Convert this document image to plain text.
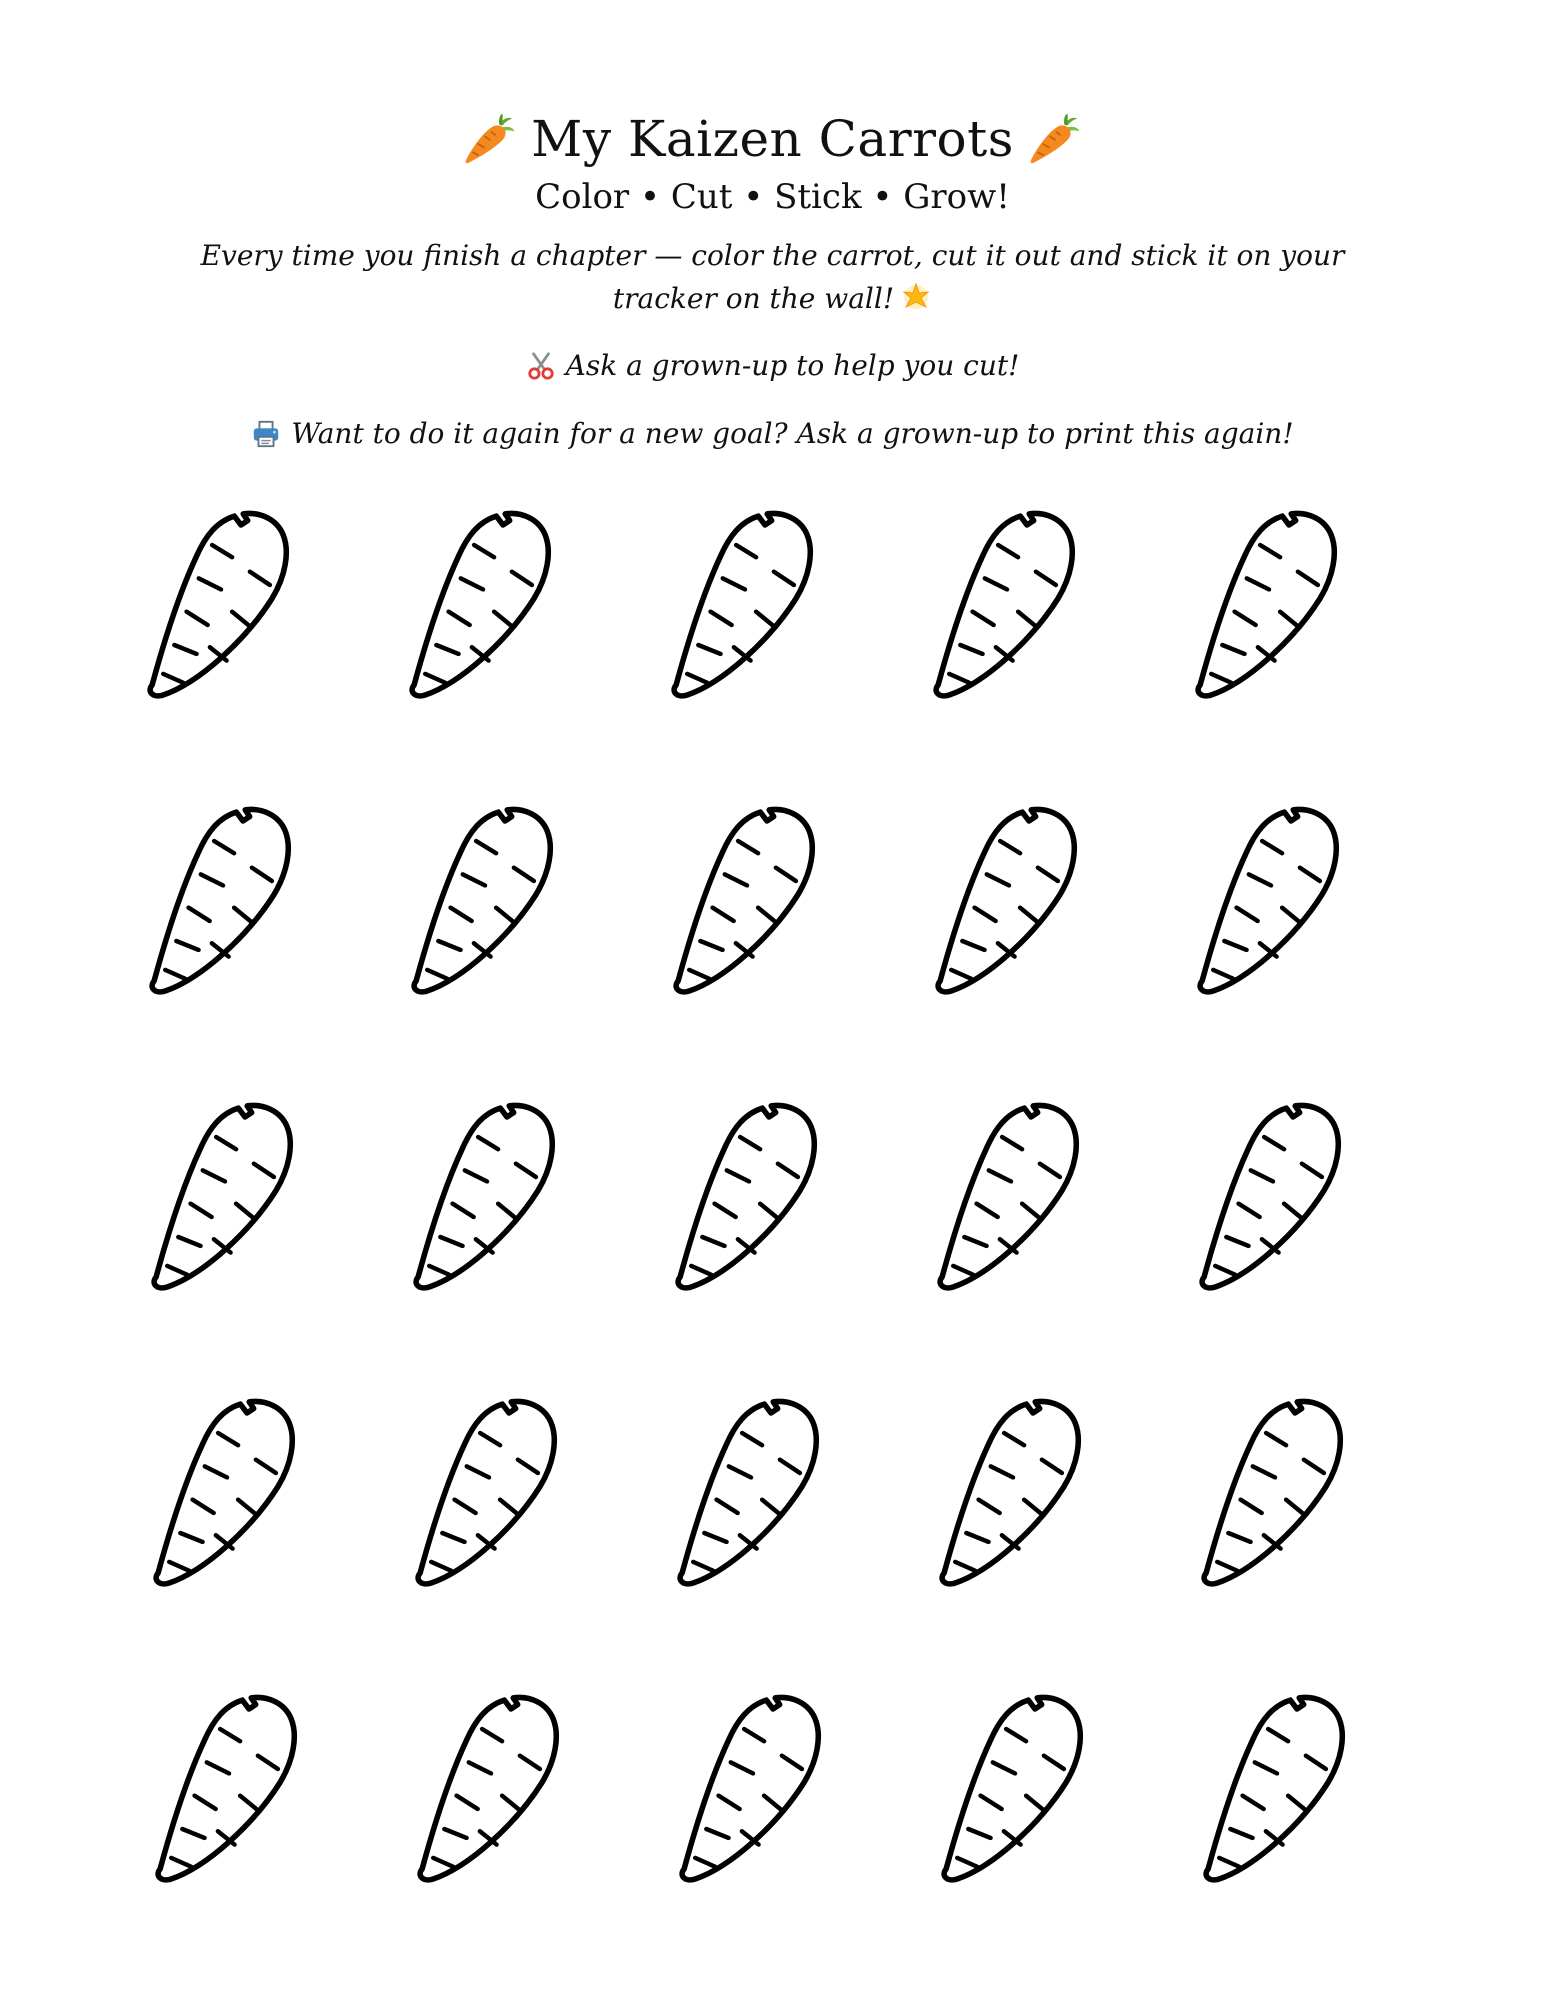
My Kaizen Carrots
Color • Cut • Stick • Grow!
Every time you finish a chapter — color the carrot, cut it out and stick it on your tracker on the wall!
Ask a grown-up to help you cut!
Want to do it again for a new goal? Ask a grown-up to print this again!
